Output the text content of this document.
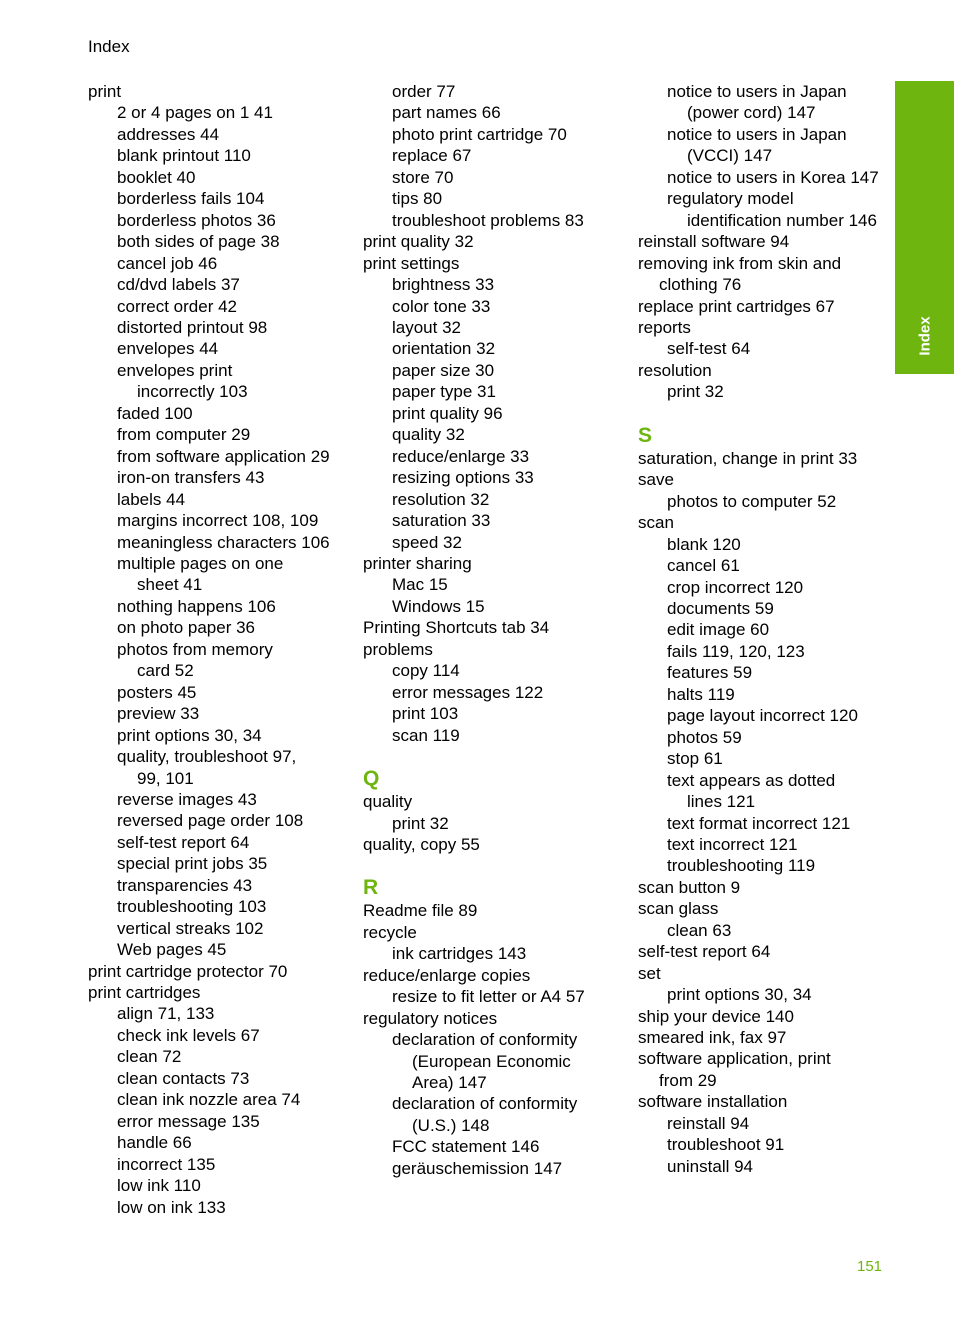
Index
print
2 or 4 pages on 1 41
addresses 44
blank printout 110
booklet 40
borderless fails 104
borderless photos 36
both sides of page 38
cancel job 46
cd/dvd labels 37
correct order 42
distorted printout 98
envelopes 44
envelopes print
incorrectly 103
faded 100
from computer 29
from software application 29
iron-on transfers 43
labels 44
margins incorrect 108, 109
meaningless characters 106
multiple pages on one
sheet 41
nothing happens 106
on photo paper 36
photos from memory
card 52
posters 45
preview 33
print options 30, 34
quality, troubleshoot 97,
99, 101
reverse images 43
reversed page order 108
self-test report 64
special print jobs 35
transparencies 43
troubleshooting 103
vertical streaks 102
Web pages 45
print cartridge protector 70
print cartridges
align 71, 133
check ink levels 67
clean 72
clean contacts 73
clean ink nozzle area 74
error message 135
handle 66
incorrect 135
low ink 110
low on ink 133
order 77
part names 66
photo print cartridge 70
replace 67
store 70
tips 80
troubleshoot problems 83
print quality 32
print settings
brightness 33
color tone 33
layout 32
orientation 32
paper size 30
paper type 31
print quality 96
quality 32
reduce/enlarge 33
resizing options 33
resolution 32
saturation 33
speed 32
printer sharing
Mac 15
Windows 15
Printing Shortcuts tab 34
problems
copy 114
error messages 122
print 103
scan 119
Q
quality
print 32
quality, copy 55
R
Readme file 89
recycle
ink cartridges 143
reduce/enlarge copies
resize to fit letter or A4 57
regulatory notices
declaration of conformity
(European Economic
Area) 147
declaration of conformity
(U.S.) 148
FCC statement 146
geräuschemission 147
notice to users in Japan
(power cord) 147
notice to users in Japan
(VCCI) 147
notice to users in Korea 147
regulatory model
identification number 146
reinstall software 94
removing ink from skin and
clothing 76
replace print cartridges 67
reports
self-test 64
resolution
print 32
S
saturation, change in print 33
save
photos to computer 52
scan
blank 120
cancel 61
crop incorrect 120
documents 59
edit image 60
fails 119, 120, 123
features 59
halts 119
page layout incorrect 120
photos 59
stop 61
text appears as dotted
lines 121
text format incorrect 121
text incorrect 121
troubleshooting 119
scan button 9
scan glass
clean 63
self-test report 64
set
print options 30, 34
ship your device 140
smeared ink, fax 97
software application, print
from 29
software installation
reinstall 94
troubleshoot 91
uninstall 94
Index
151
